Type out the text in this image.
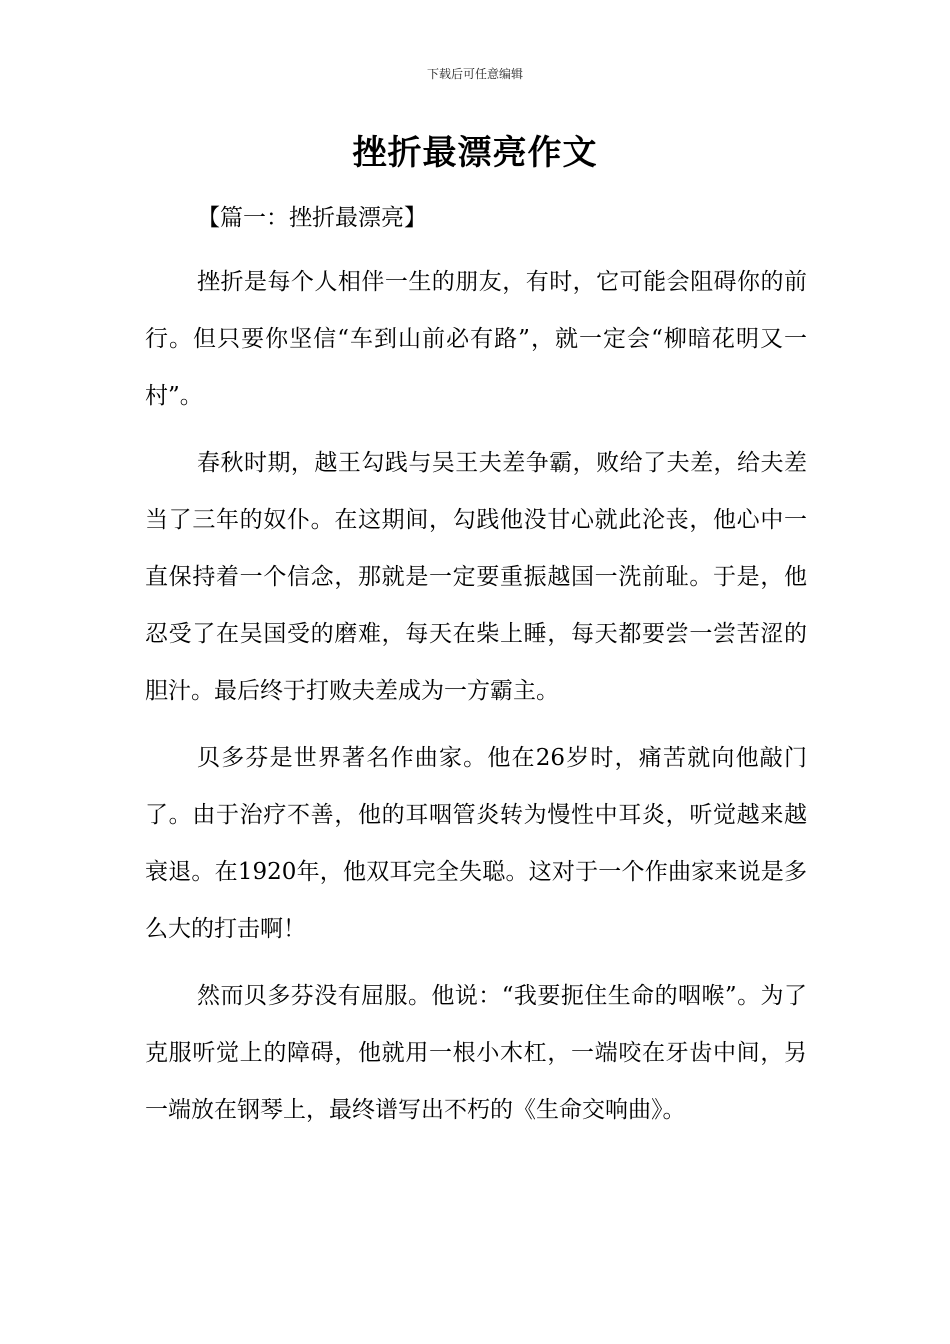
下载后可任意编辑
挫折最漂亮作文

【篇一：挫折最漂亮】

挫折是每个人相伴一生的朋友，有时，它可能会阻碍你的前行。但只要你坚信“车到山前必有路”，就一定会“柳暗花明又一村”。

春秋时期，越王勾践与吴王夫差争霸，败给了夫差，给夫差当了三年的奴仆。在这期间，勾践他没甘心就此沦丧，他心中一直保持着一个信念，那就是一定要重振越国一洗前耻。于是，他忍受了在吴国受的磨难，每天在柴上睡，每天都要尝一尝苦涩的胆汁。最后终于打败夫差成为一方霸主。

贝多芬是世界著名作曲家。他在26岁时，痛苦就向他敲门了。由于治疗不善，他的耳咽管炎转为慢性中耳炎，听觉越来越衰退。在1920年，他双耳完全失聪。这对于一个作曲家来说是多么大的打击啊！

然而贝多芬没有屈服。他说：“我要扼住生命的咽喉”。为了克服听觉上的障碍，他就用一根小木杠，一端咬在牙齿中间，另一端放在钢琴上，最终谱写出不朽的《生命交响曲》。
